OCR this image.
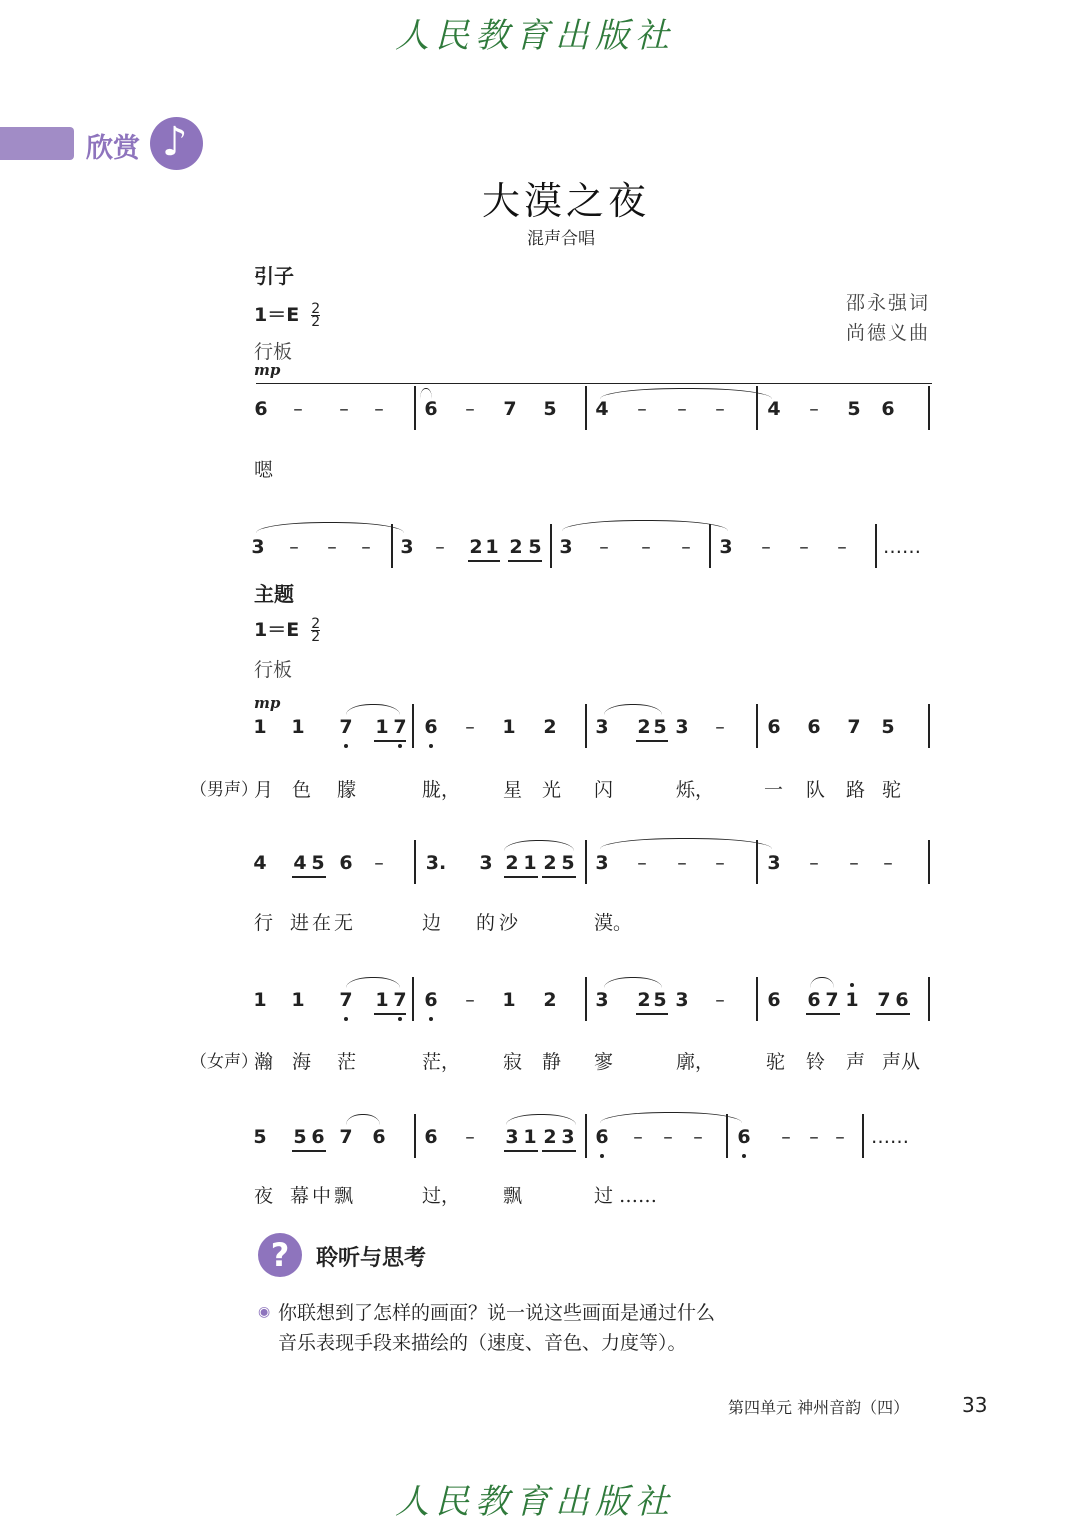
人民教育出版社
欣赏 ♪
大漠之夜
混声合唱
邵永强词
尚德义曲
引子
$1=E \frac{2}{2}$
行板
mp
6 – – – 6 – 7 5 4 – – – 4 – 5 6
嗯
3 – – – 3 – 2 1 2 5 3 – – – 3 – – – ……
主题
$1=E \frac{2}{2}$
行板
mp
1 1 7 1 7 6 – 1 2 3 2 5 3 – 6 6 7 5
（男声）
月 色 朦	胧， 星 光 闪	烁，	一 队 路 驼
4 4 5 6 – 3. 3 2 1 2 5 3 – – – 3 – – –
行 进在无	边 的沙	漠。
1 1 7 1 7 6 – 1 2 3 2 5 3 – 6 6 7 1 7 6
（女声）
瀚 海 茫	茫， 寂 静 寥	廓，	驼 铃 声 声从
5 5 6 7 6 6 – 3 1 2 3 6 – – – 6 – – – ……
夜 幕中飘	过， 飘	过 ……
?	聆听与思考
◉ 你联想到了怎样的画面？说一说这些画面是通过什么
音乐表现手段来描绘的（速度、音色、力度等）。
第四单元 神州音韵（四）	33
人民教育出版社
